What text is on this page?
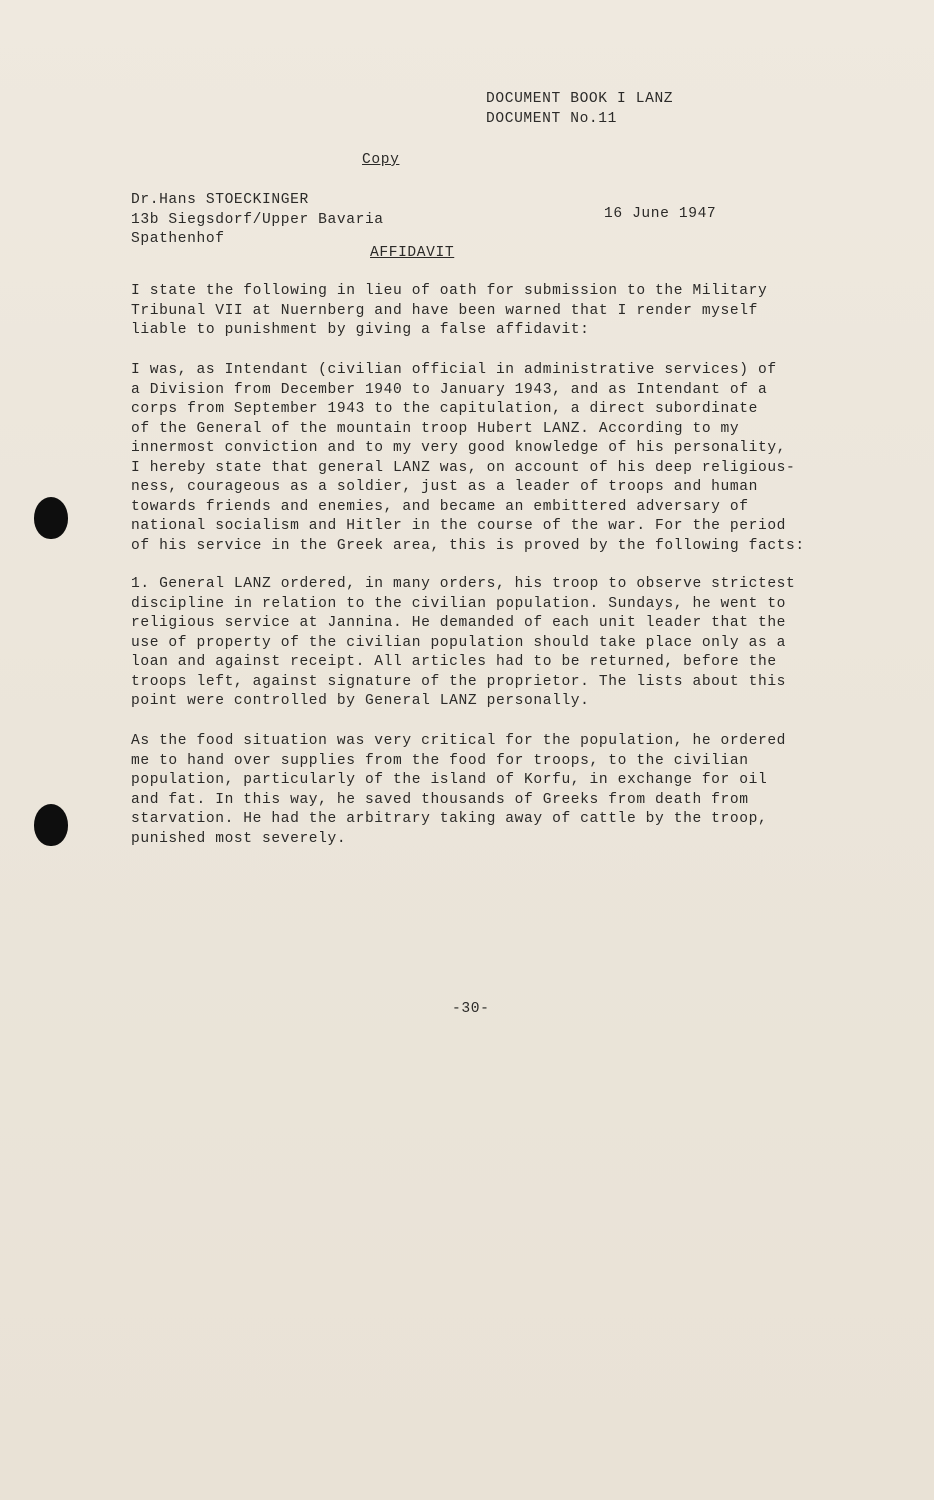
DOCUMENT BOOK I LANZ
DOCUMENT No.11
Copy
Dr.Hans STOECKINGER
13b Siegsdorf/Upper Bavaria
Spathenhof
16 June 1947
AFFIDAVIT
I state the following in lieu of oath for submission to the Military
Tribunal VII at Nuernberg and have been warned that I render myself
liable to punishment by giving a false affidavit:
I was, as Intendant (civilian official in administrative services) of
a Division from December 1940 to January 1943, and as Intendant of a
corps from September 1943 to the capitulation, a direct subordinate
of the General of the mountain troop Hubert LANZ. According to my
innermost conviction and to my very good knowledge of his personality,
I hereby state that general LANZ was, on account of his deep religious-
ness, courageous as a soldier, just as a leader of troops and human
towards friends and enemies, and became an embittered adversary of
national socialism and Hitler in the course of the war. For the period
of his service in the Greek area, this is proved by the following facts:
1. General LANZ ordered, in many orders, his troop to observe strictest
discipline in relation to the civilian population. Sundays, he went to
religious service at Jannina. He demanded of each unit leader that the
use of property of the civilian population should take place only as a
loan and against receipt. All articles had to be returned, before the
troops left, against signature of the proprietor. The lists about this
point were controlled by General LANZ personally.
As the food situation was very critical for the population, he ordered
me to hand over supplies from the food for troops, to the civilian
population, particularly of the island of Korfu, in exchange for oil
and fat. In this way, he saved thousands of Greeks from death from
starvation. He had the arbitrary taking away of cattle by the troop,
punished most severely.
-30-
